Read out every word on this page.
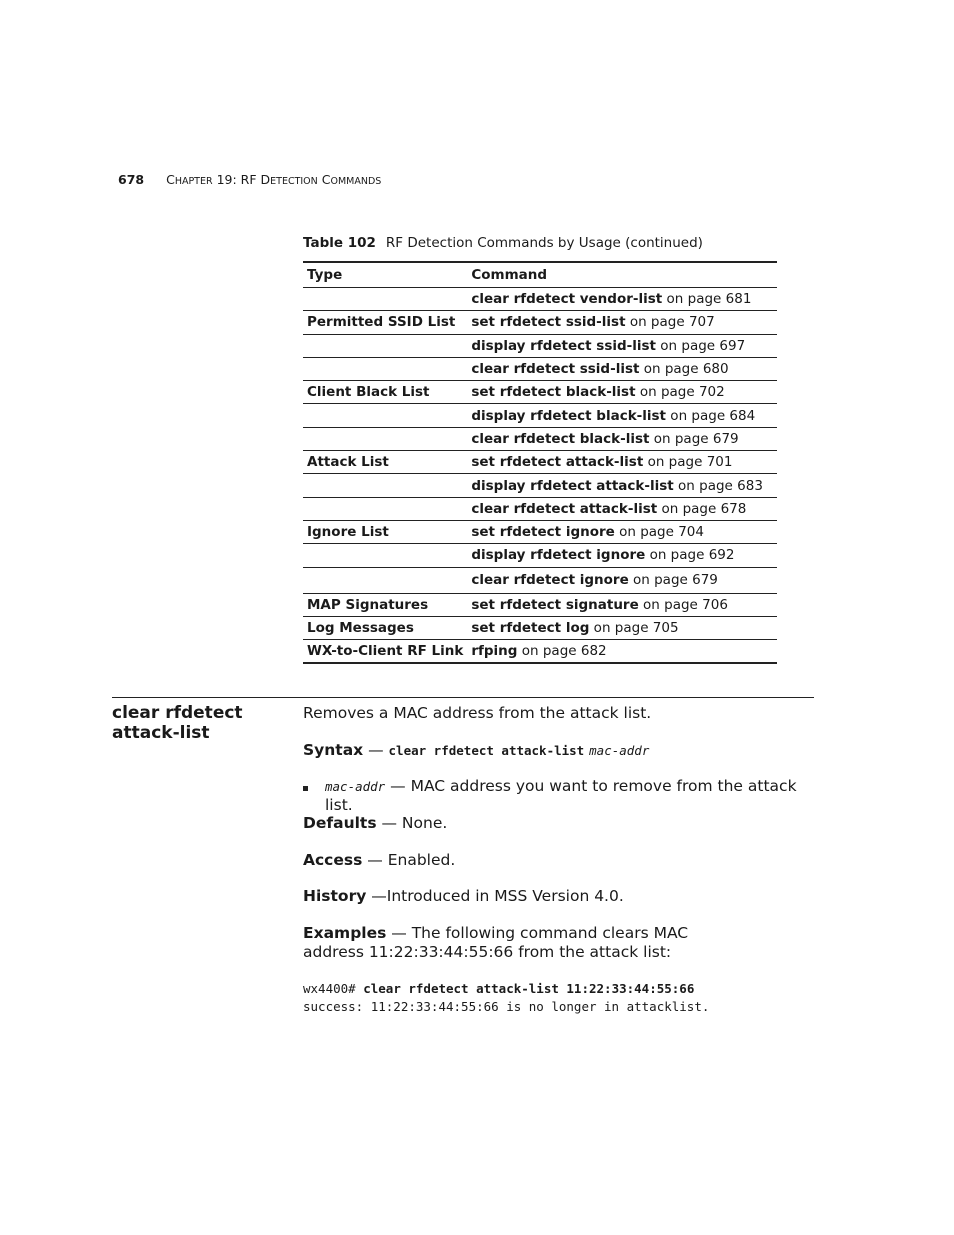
678 CHAPTER 19: RF DETECTION COMMANDS
Table 102 RF Detection Commands by Usage (continued)
Type	Command
	clear rfdetect vendor-list on page 681
Permitted SSID List	set rfdetect ssid-list on page 707
	display rfdetect ssid-list on page 697
	clear rfdetect ssid-list on page 680
Client Black List	set rfdetect black-list on page 702
	display rfdetect black-list on page 684
	clear rfdetect black-list on page 679
Attack List	set rfdetect attack-list on page 701
	display rfdetect attack-list on page 683
	clear rfdetect attack-list on page 678
Ignore List	set rfdetect ignore on page 704
	display rfdetect ignore on page 692
	clear rfdetect ignore on page 679
MAP Signatures	set rfdetect signature on page 706
Log Messages	set rfdetect log on page 705
WX-to-Client RF Link	rfping on page 682
clear rfdetect
attack-list
Removes a MAC address from the attack list.
Syntax — clear rfdetect attack-list mac-addr
mac-addr — MAC address you want to remove from the attack list.
Defaults — None.
Access — Enabled.
History —Introduced in MSS Version 4.0.
Examples — The following command clears MAC address 11:22:33:44:55:66 from the attack list:
wx4400# clear rfdetect attack-list 11:22:33:44:55:66
success: 11:22:33:44:55:66 is no longer in attacklist.
